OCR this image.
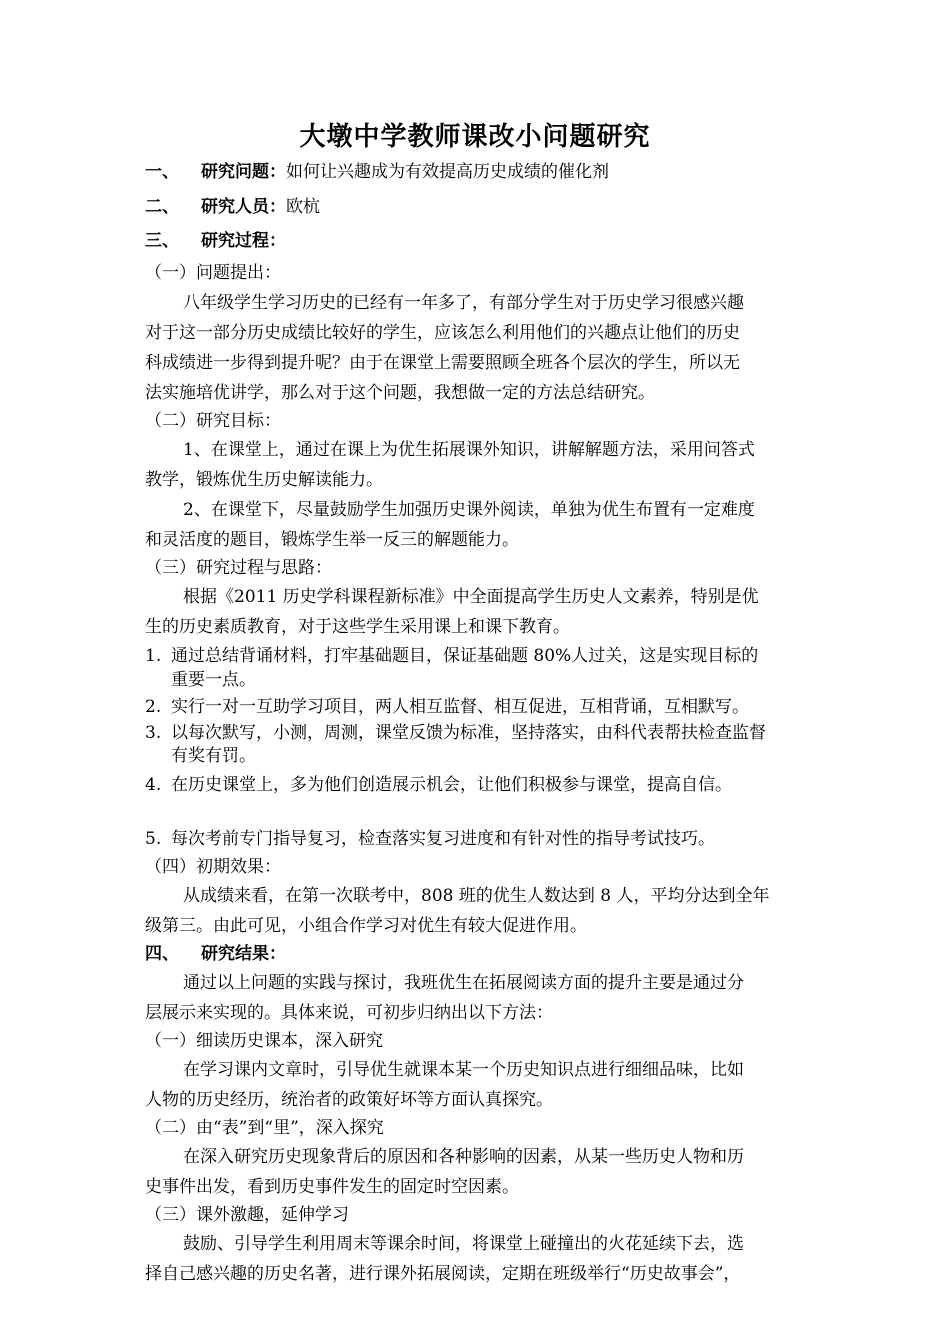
大墩中学教师课改小问题研究
一、 研究问题：如何让兴趣成为有效提高历史成绩的催化剂
二、 研究人员：欧杭
三、 研究过程：
（一）问题提出：
八年级学生学习历史的已经有一年多了，有部分学生对于历史学习很感兴趣
对于这一部分历史成绩比较好的学生，应该怎么利用他们的兴趣点让他们的历史
科成绩进一步得到提升呢？由于在课堂上需要照顾全班各个层次的学生，所以无
法实施培优讲学，那么对于这个问题，我想做一定的方法总结研究。
（二）研究目标：
1、在课堂上，通过在课上为优生拓展课外知识，讲解解题方法，采用问答式
教学，锻炼优生历史解读能力。
2、在课堂下，尽量鼓励学生加强历史课外阅读，单独为优生布置有一定难度
和灵活度的题目，锻炼学生举一反三的解题能力。
（三）研究过程与思路：
根据《2011 历史学科课程新标准》中全面提高学生历史人文素养，特别是优
生的历史素质教育，对于这些学生采用课上和课下教育。
1. 通过总结背诵材料，打牢基础题目，保证基础题 80%人过关，这是实现目标的
重要一点。
2. 实行一对一互助学习项目，两人相互监督、相互促进，互相背诵，互相默写。
3. 以每次默写，小测，周测，课堂反馈为标准，坚持落实，由科代表帮扶检查监督
有奖有罚。
4. 在历史课堂上，多为他们创造展示机会，让他们积极参与课堂，提高自信。
5. 每次考前专门指导复习，检查落实复习进度和有针对性的指导考试技巧。
（四）初期效果：
从成绩来看，在第一次联考中，808 班的优生人数达到 8 人，平均分达到全年
级第三。由此可见，小组合作学习对优生有较大促进作用。
四、 研究结果：
通过以上问题的实践与探讨，我班优生在拓展阅读方面的提升主要是通过分
层展示来实现的。具体来说，可初步归纳出以下方法：
（一）细读历史课本，深入研究
在学习课内文章时，引导优生就课本某一个历史知识点进行细细品味，比如
人物的历史经历，统治者的政策好坏等方面认真探究。
（二）由“表”到“里”，深入探究
在深入研究历史现象背后的原因和各种影响的因素，从某一些历史人物和历
史事件出发，看到历史事件发生的固定时空因素。
（三）课外激趣，延伸学习
鼓励、引导学生利用周末等课余时间，将课堂上碰撞出的火花延续下去，选
择自己感兴趣的历史名著，进行课外拓展阅读，定期在班级举行“历史故事会”，
